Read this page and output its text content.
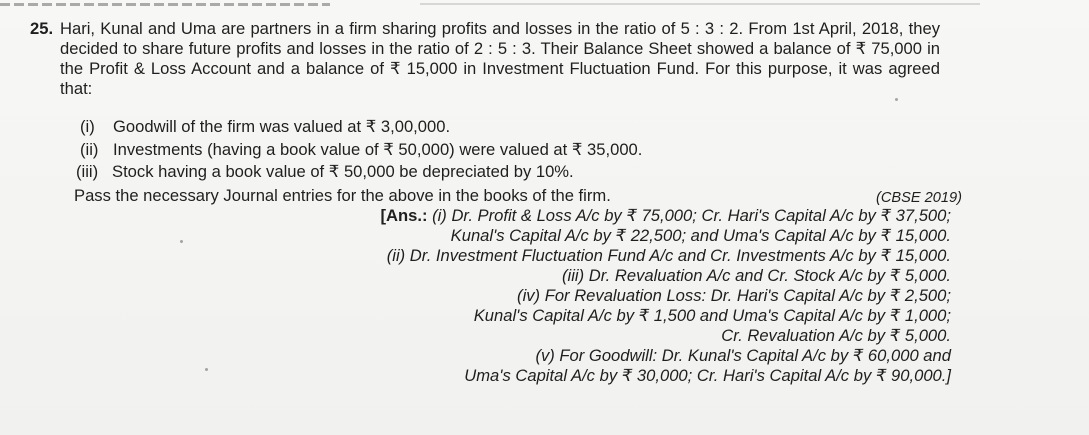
25. Hari, Kunal and Uma are partners in a firm sharing profits and losses in the ratio of 5 : 3 : 2. From 1st April, 2018, they decided to share future profits and losses in the ratio of 2 : 5 : 3. Their Balance Sheet showed a balance of ₹ 75,000 in the Profit & Loss Account and a balance of ₹ 15,000 in Investment Fluctuation Fund. For this purpose, it was agreed that:
(i) Goodwill of the firm was valued at ₹ 3,00,000.
(ii) Investments (having a book value of ₹ 50,000) were valued at ₹ 35,000.
(iii) Stock having a book value of ₹ 50,000 be depreciated by 10%.
Pass the necessary Journal entries for the above in the books of the firm.	(CBSE 2019)
[Ans.: (i) Dr. Profit & Loss A/c by ₹ 75,000; Cr. Hari's Capital A/c by ₹ 37,500;
Kunal's Capital A/c by ₹ 22,500; and Uma's Capital A/c by ₹ 15,000.
(ii) Dr. Investment Fluctuation Fund A/c and Cr. Investments A/c by ₹ 15,000.
(iii) Dr. Revaluation A/c and Cr. Stock A/c by ₹ 5,000.
(iv) For Revaluation Loss: Dr. Hari's Capital A/c by ₹ 2,500;
Kunal's Capital A/c by ₹ 1,500 and Uma's Capital A/c by ₹ 1,000;
Cr. Revaluation A/c by ₹ 5,000.
(v) For Goodwill: Dr. Kunal's Capital A/c by ₹ 60,000 and
Uma's Capital A/c by ₹ 30,000; Cr. Hari's Capital A/c by ₹ 90,000.]
